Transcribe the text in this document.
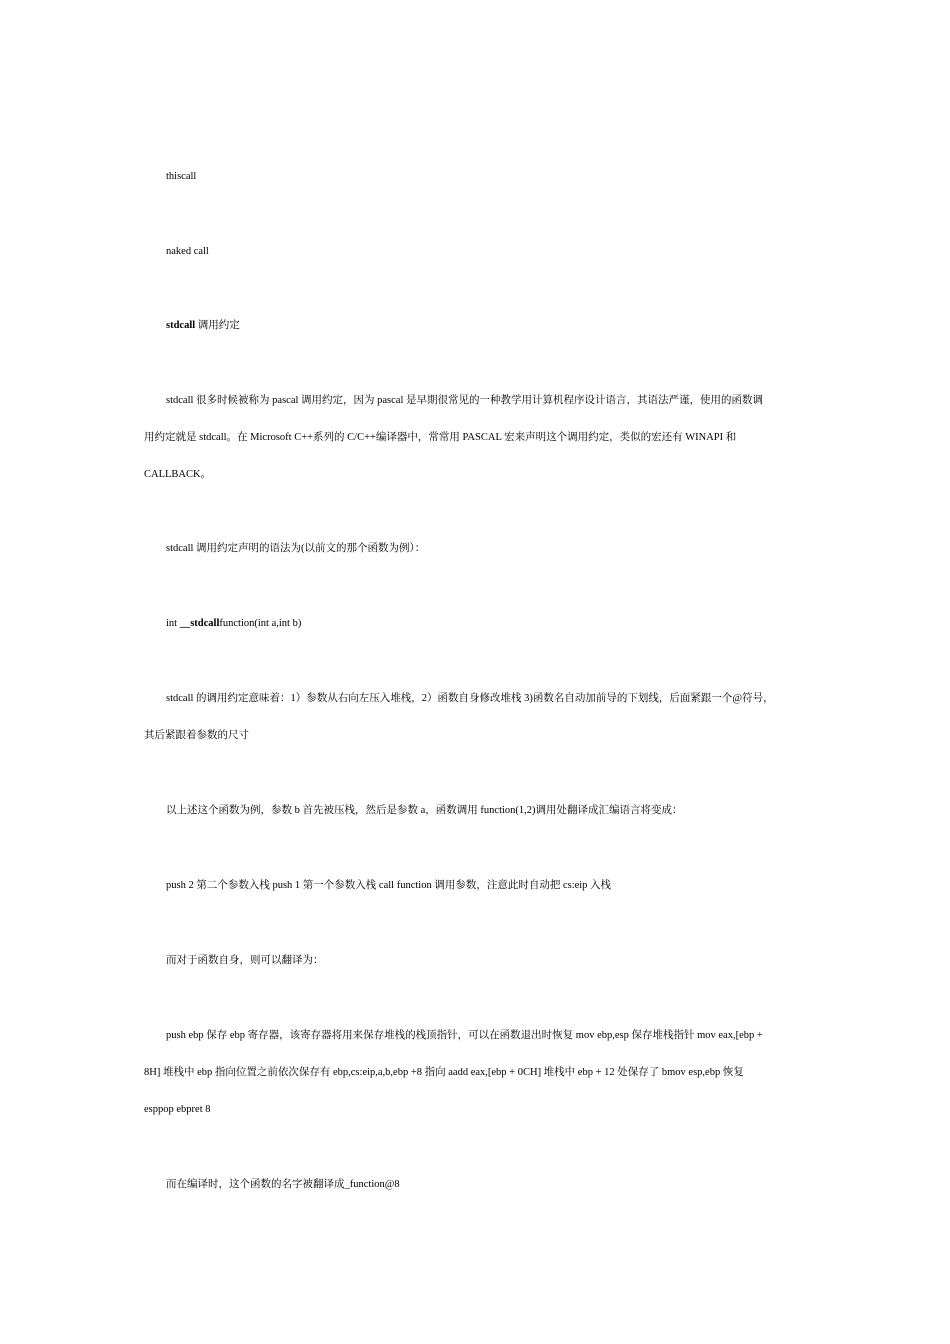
thiscall

naked call

stdcall 调用约定

stdcall 很多时候被称为 pascal 调用约定，因为 pascal 是早期很常见的一种教学用计算机程序设计语言，其语法严谨，使用的函数调
用约定就是 stdcall。在 Microsoft C++系列的 C/C++编译器中，常常用 PASCAL 宏来声明这个调用约定，类似的宏还有 WINAPI 和
CALLBACK。

stdcall 调用约定声明的语法为(以前文的那个函数为例）：

int __stdcallfunction(int a,int b)

stdcall 的调用约定意味着：1）参数从右向左压入堆栈，2）函数自身修改堆栈 3)函数名自动加前导的下划线，后面紧跟一个@符号，
其后紧跟着参数的尺寸

以上述这个函数为例，参数 b 首先被压栈，然后是参数 a，函数调用 function(1,2)调用处翻译成汇编语言将变成：

push 2 第二个参数入栈 push 1 第一个参数入栈 call function 调用参数，注意此时自动把 cs:eip 入栈

而对于函数自身，则可以翻译为：

push ebp 保存 ebp 寄存器，该寄存器将用来保存堆栈的栈顶指针，可以在函数退出时恢复 mov ebp,esp 保存堆栈指针 mov eax,[ebp +
8H] 堆栈中 ebp 指向位置之前依次保存有 ebp,cs:eip,a,b,ebp +8 指向 aadd eax,[ebp + 0CH] 堆栈中 ebp + 12 处保存了 bmov esp,ebp 恢复
esppop ebpret 8

而在编译时，这个函数的名字被翻译成_function@8
